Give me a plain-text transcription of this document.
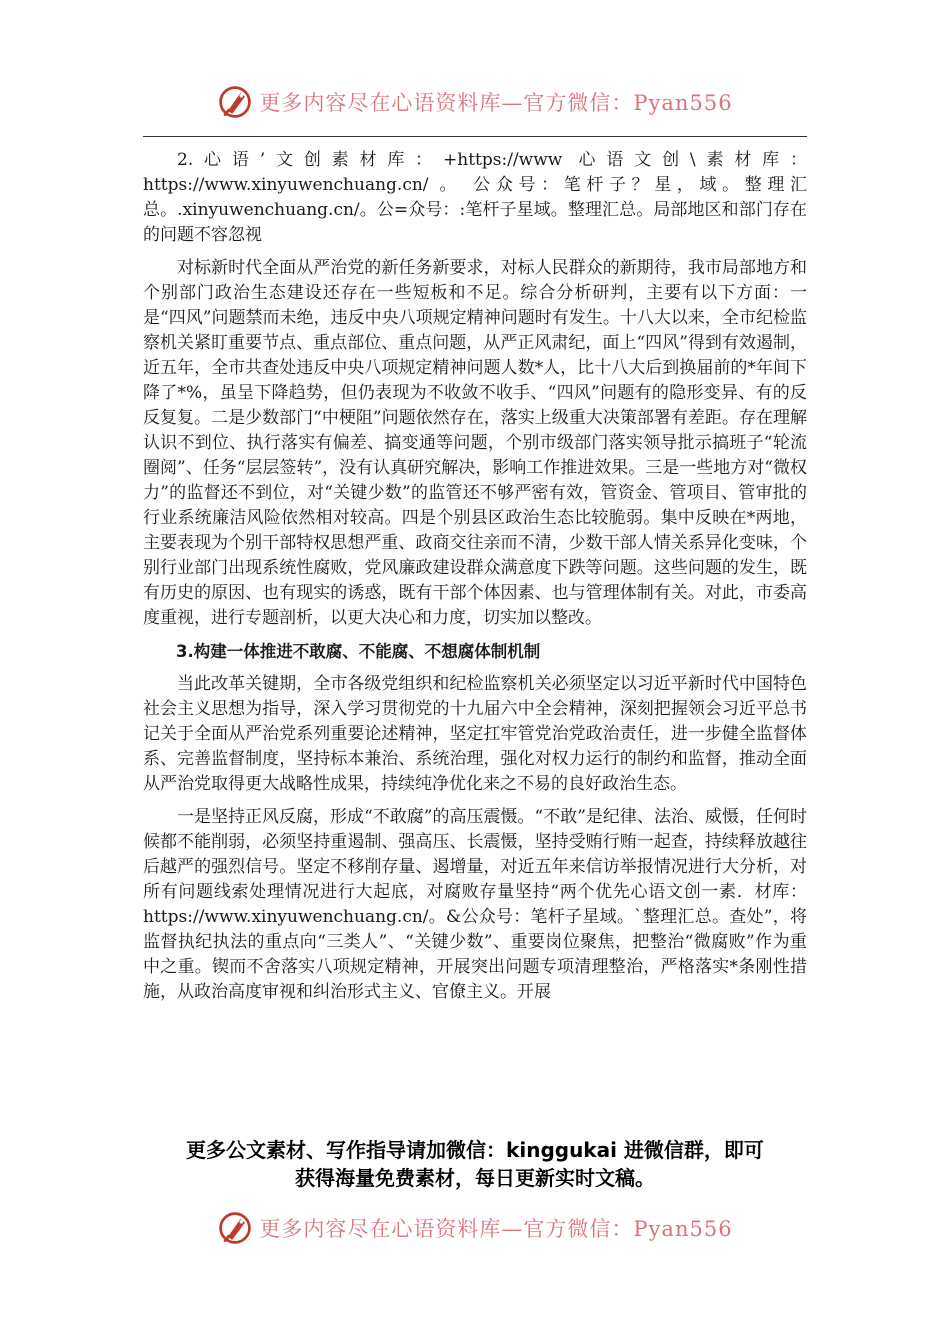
更多内容尽在心语资料库—官方微信：Pyan556

2.心语’文创素材库：+https://www 心语文创\素材库：https://www.xinyuwenchuang.cn/ 。 公众号：笔杆子？星，域。整理汇总。.xinyuwenchuang.cn/。公=众号：:笔杆子星域。整理汇总。局部地区和部门存在的问题不容忽视

对标新时代全面从严治党的新任务新要求，对标人民群众的新期待，我市局部地方和个别部门政治生态建设还存在一些短板和不足。综合分析研判，主要有以下方面：一是“四风”问题禁而未绝，违反中央八项规定精神问题时有发生。十八大以来，全市纪检监察机关紧盯重要节点、重点部位、重点问题，从严正风肃纪，面上“四风”得到有效遏制，近五年，全市共查处违反中央八项规定精神问题人数*人，比十八大后到换届前的*年间下降了*%，虽呈下降趋势，但仍表现为不收敛不收手、“四风”问题有的隐形变异、有的反反复复。二是少数部门“中梗阻”问题依然存在，落实上级重大决策部署有差距。存在理解认识不到位、执行落实有偏差、搞变通等问题，个别市级部门落实领导批示搞班子“轮流圈阅”、任务“层层签转”，没有认真研究解决，影响工作推进效果。三是一些地方对“微权力”的监督还不到位，对“关键少数”的监管还不够严密有效，管资金、管项目、管审批的行业系统廉洁风险依然相对较高。四是个别县区政治生态比较脆弱。集中反映在*两地，主要表现为个别干部特权思想严重、政商交往亲而不清，少数干部人情关系异化变味，个别行业部门出现系统性腐败，党风廉政建设群众满意度下跌等问题。这些问题的发生，既有历史的原因、也有现实的诱惑，既有干部个体因素、也与管理体制有关。对此，市委高度重视，进行专题剖析，以更大决心和力度，切实加以整改。

3.构建一体推进不敢腐、不能腐、不想腐体制机制

当此改革关键期，全市各级党组织和纪检监察机关必须坚定以习近平新时代中国特色社会主义思想为指导，深入学习贯彻党的十九届六中全会精神，深刻把握领会习近平总书记关于全面从严治党系列重要论述精神，坚定扛牢管党治党政治责任，进一步健全监督体系、完善监督制度，坚持标本兼治、系统治理，强化对权力运行的制约和监督，推动全面从严治党取得更大战略性成果，持续纯净优化来之不易的良好政治生态。

一是坚持正风反腐，形成“不敢腐”的高压震慑。“不敢”是纪律、法治、威慑，任何时候都不能削弱，必须坚持重遏制、强高压、长震慑，坚持受贿行贿一起查，持续释放越往后越严的强烈信号。坚定不移削存量、遏增量，对近五年来信访举报情况进行大分析，对所有问题线索处理情况进行大起底，对腐败存量坚持“两个优先心语文创一素．材库：https://www.xinyuwenchuang.cn/。&公众号：笔杆子星域。`整理汇总。查处”，将监督执纪执法的重点向“三类人”、“关键少数”、重要岗位聚焦，把整治“微腐败”作为重中之重。锲而不舍落实八项规定精神，开展突出问题专项清理整治，严格落实*条刚性措施，从政治高度审视和纠治形式主义、官僚主义。开展

更多公文素材、写作指导请加微信：kinggukai 进微信群，即可
获得海量免费素材，每日更新实时文稿。
更多内容尽在心语资料库—官方微信：Pyan556
